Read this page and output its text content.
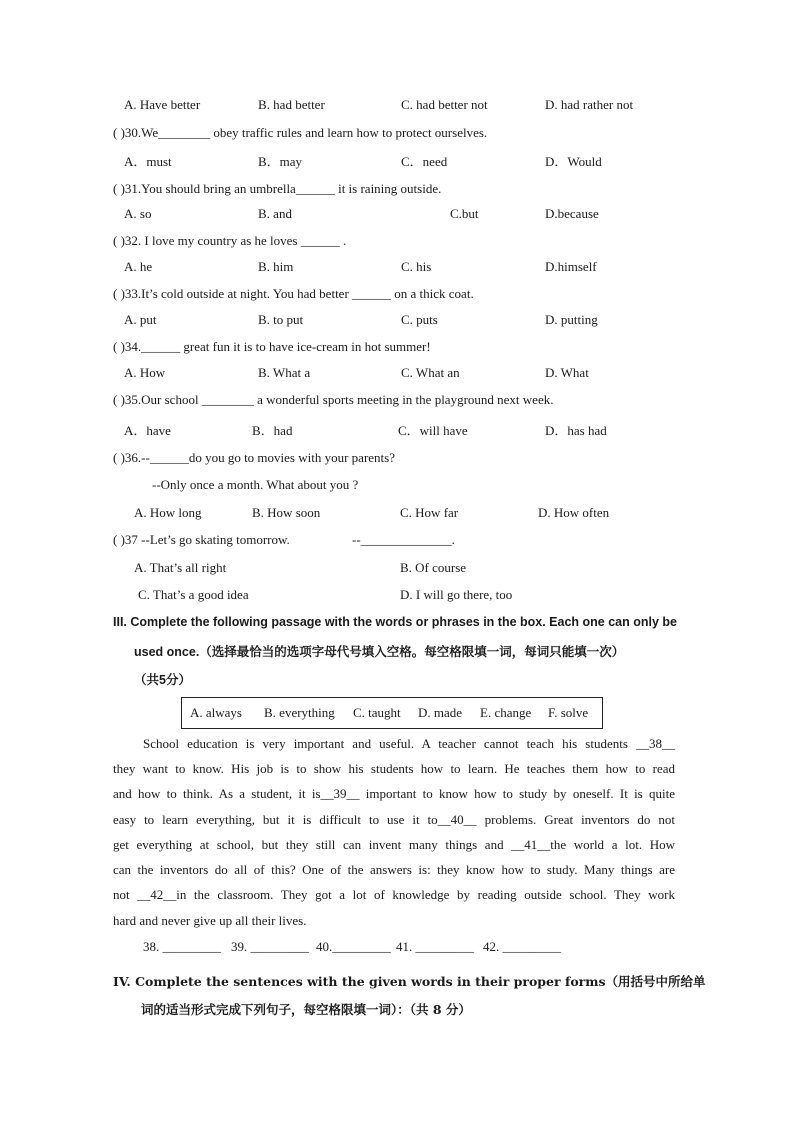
A. Have better	B. had better	C. had better not	D. had rather not
( )30.We________ obey traffic rules and learn how to protect ourselves.
A．must	B．may	C．need	D．Would
( )31.You should bring an umbrella______ it is raining outside.
A. so	B. and	C.but	D.because
( )32. I love my country as he loves ______ .
A. he	B. him	C. his	D.himself
( )33.It’s cold outside at night. You had better ______ on a thick coat.
A. put	B. to put	C. puts	D. putting
( )34.______ great fun it is to have ice-cream in hot summer!
A. How	B. What a	C. What an	D. What
( )35.Our school ________ a wonderful sports meeting in the playground next week.
A．have	B．had	C．will have	D．has had
( )36.--______do you go to movies with your parents?
--Only once a month. What about you ?
A. How long	B. How soon	C. How far	D. How often
( )37 --Let’s go skating tomorrow.	--______________.
A. That’s all right	B. Of course
C. That’s a good idea	D. I will go there, too
III. Complete the following passage with the words or phrases in the box. Each one can only be
used once.（选择最恰当的选项字母代号填入空格。每空格限填一词，每词只能填一次）
（共5分）
A. always B. everything C. taught D. made E. change F. solve
School education is very important and useful. A teacher cannot teach his students __38__
they want to know. His job is to show his students how to learn. He teaches them how to read
and how to think. As a student, it is__39__ important to know how to study by oneself. It is quite
easy to learn everything, but it is difficult to use it to__40__ problems. Great inventors do not
get everything at school, but they still can invent many things and __41__the world a lot. How
can the inventors do all of this? One of the answers is: they know how to study. Many things are
not __42__in the classroom. They got a lot of knowledge by reading outside school. They work
hard and never give up all their lives.
38. _________ 39. _________ 40._________ 41. _________ 42. _________
IV. Complete the sentences with the given words in their proper forms（用括号中所给单
词的适当形式完成下列句子，每空格限填一词）：（共 8 分）
